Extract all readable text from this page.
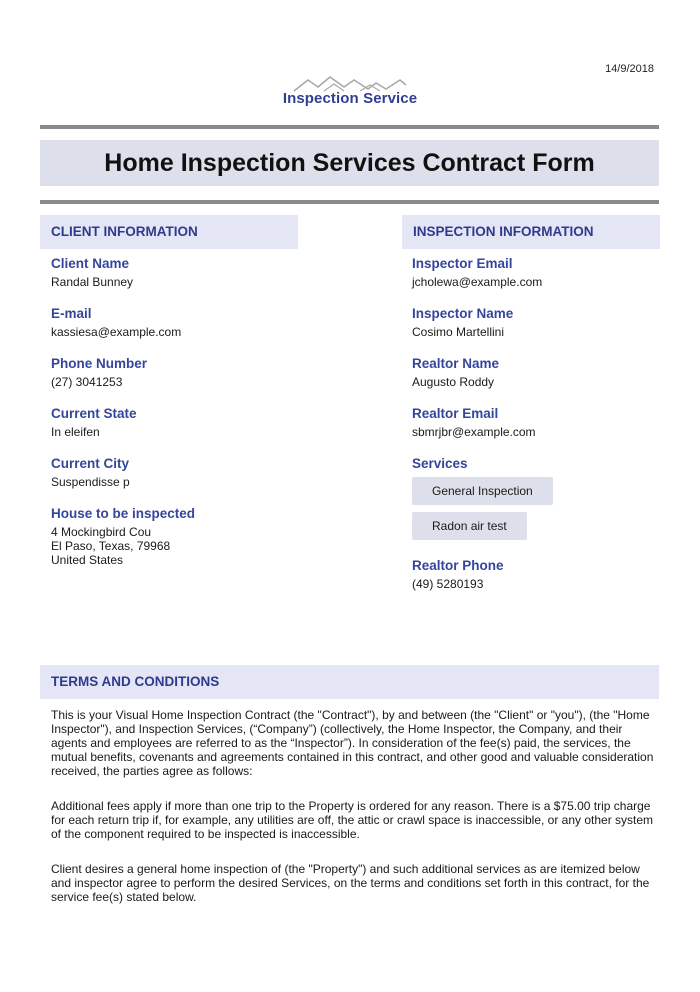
14/9/2018
Inspection Service
Home Inspection Services Contract Form
CLIENT INFORMATION
Client Name
Randal Bunney
E-mail
kassiesa@example.com
Phone Number
(27) 3041253
Current State
In eleifen
Current City
Suspendisse p
House to be inspected
4 Mockingbird Cou
El Paso, Texas, 79968
United States
INSPECTION INFORMATION
Inspector Email
jcholewa@example.com
Inspector Name
Cosimo Martellini
Realtor Name
Augusto Roddy
Realtor Email
sbmrjbr@example.com
Services
General Inspection
Radon air test
Realtor Phone
(49) 5280193
TERMS AND CONDITIONS

This is your Visual Home Inspection Contract (the "Contract"), by and between (the "Client" or "you"), (the "Home Inspector"), and Inspection Services, (“Company”) (collectively, the Home Inspector, the Company, and their agents and employees are referred to as the “Inspector”). In consideration of the fee(s) paid, the services, the mutual benefits, covenants and agreements contained in this contract, and other good and valuable consideration received, the parties agree as follows:

Additional fees apply if more than one trip to the Property is ordered for any reason. There is a $75.00 trip charge for each return trip if, for example, any utilities are off, the attic or crawl space is inaccessible, or any other system of the component required to be inspected is inaccessible.

Client desires a general home inspection of (the "Property") and such additional services as are itemized below and inspector agree to perform the desired Services, on the terms and conditions set forth in this contract, for the service fee(s) stated below.
